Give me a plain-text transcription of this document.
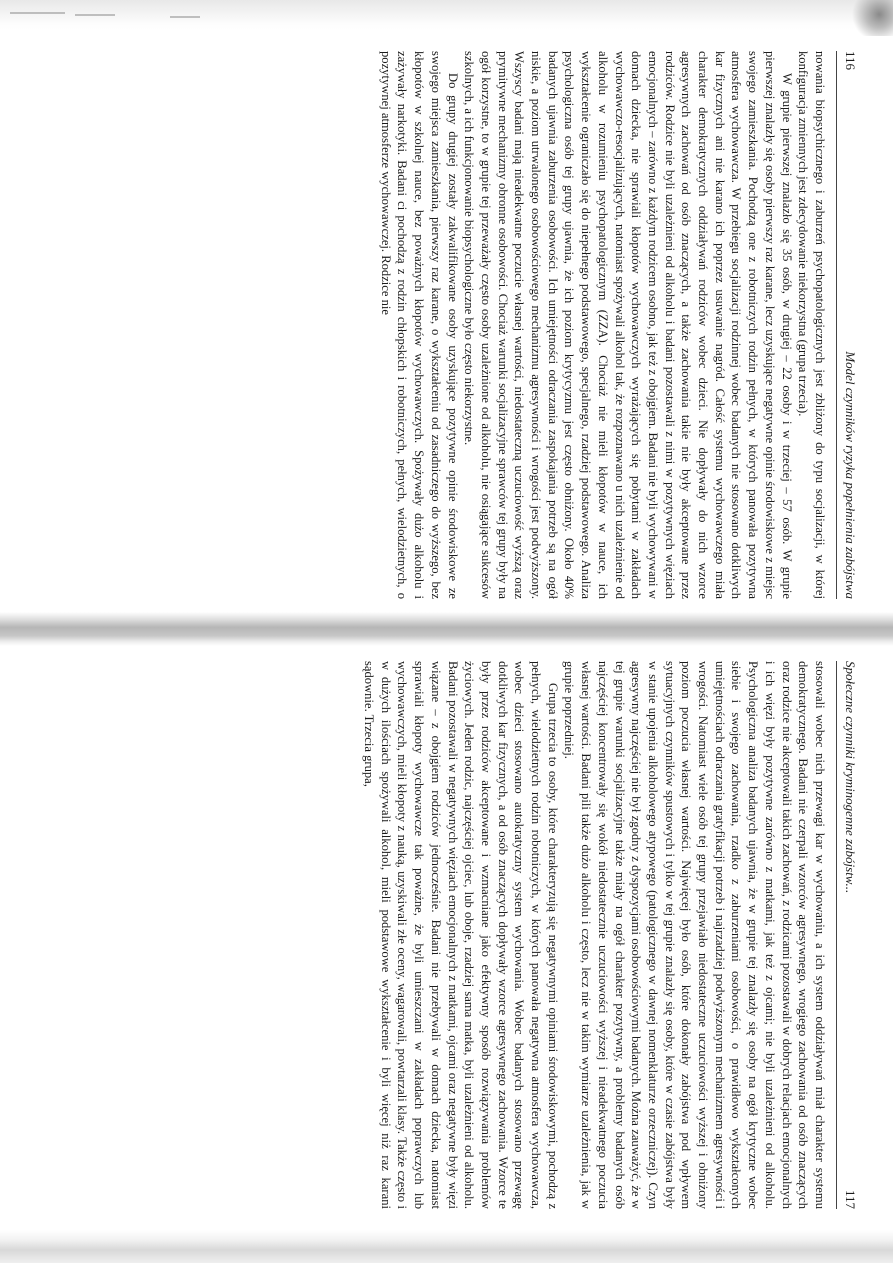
116
Model czynników ryzyka popełnienia zabójstwa

nowania biopsychicznego i zaburzeń psychopatologicznych jest zbliżony do typu socjalizacji, w której konfiguracja zmiennych jest zdecydowanie niekorzystna (grupa trzecia).

W grupie pierwszej znalazło się 35 osób, w drugiej – 22 osoby i w trzeciej – 57 osób. W grupie pierwszej znalazły się osoby pierwszy raz karane, lecz uzyskujące negatywne opinie środowiskowe z miejsc swojego zamieszkania. Pochodzą one z robotniczych rodzin pełnych, w których panowała pozytywna atmosfera wychowawcza. W przebiegu socjalizacji rodzinnej wobec badanych nie stosowano dotkliwych kar fizycznych ani nie karano ich poprzez usuwanie nagród. Całość systemu wychowawczego miała charakter demokratycznych oddziaływań rodziców wobec dzieci. Nie dopływały do nich wzorce agresywnych zachowań od osób znaczących, a także zachowania takie nie były akceptowane przez rodziców. Rodzice nie byli uzależnieni od alkoholu i badani pozostawali z nimi w pozytywnych więziach emocjonalnych – zarówno z każdym rodzicem osobno, jak też z obojgiem. Badani nie byli wychowywani w domach dziecka, nie sprawiali kłopotów wychowawczych wyrażających się pobytami w zakładach wychowawczo-resocjalizujących, natomiast spożywali alkohol tak, że rozpoznawano u nich uzależnienie od alkoholu w rozumieniu psychopatologicznym (ZZA). Chociaż nie mieli kłopotów w nauce, ich wykształcenie ograniczało się do niepełnego podstawowego, specjalnego, rzadziej podstawowego. Analiza psychologiczna osób tej grupy ujawnia, że ich poziom krytycyzmu jest często obniżony. Około 40% badanych ujawnia zaburzenia osobowości. Ich umiejętności odraczania zaspokajania potrzeb są na ogół niskie, a poziom utrwalonego osobowościowego mechanizmu agresywności i wrogości jest podwyższony. Wszyscy badani mają nieadekwatne poczucie własnej wartości, niedostateczną uczuciowość wyższą oraz prymitywne mechanizmy obronne osobowości. Chociaż warunki socjalizacyjne sprawców tej grupy były na ogół korzystne, to w grupie tej przeważały często osoby uzależnione od alkoholu, nie osiągające sukcesów szkolnych, a ich funkcjonowanie biopsychologiczne było często niekorzystne.

Do grupy drugiej zostały zakwalifikowane osoby uzyskujące pozytywne opinie środowiskowe ze swojego miejsca zamieszkania, pierwszy raz karane, o wykształceniu od zasadniczego do wyższego, bez kłopotów w szkolnej nauce, bez poważnych kłopotów wychowawczych. Spożywały dużo alkoholu i zażywały narkotyki. Badani ci pochodzą z rodzin chłopskich i robotniczych, pełnych, wielodzietnych, o pozytywnej atmosferze wychowawczej. Rodzice nie

Społeczne czynniki kryminogenne zabójstw...
117

stosowali wobec nich przewagi kar w wychowaniu, a ich system oddziaływań miał charakter systemu demokratycznego. Badani nie czerpali wzorców agresywnego, wrogiego zachowania od osób znaczących oraz rodzice nie akceptowali takich zachowań, z rodzicami pozostawali w dobrych relacjach emocjonalnych i ich więzi były pozytywne zarówno z matkami, jak też z ojcami; nie byli uzależnieni od alkoholu. Psychologiczna analiza badanych ujawnia, że w grupie tej znalazły się osoby na ogół krytyczne wobec siebie i swojego zachowania, rzadko z zaburzeniami osobowości, o prawidłowo wykształconych umiejętnościach odraczania gratyfikacji potrzeb i najrzadziej podwyższonym mechanizmem agresywności i wrogości. Natomiast wiele osób tej grupy przejawiało niedostateczne uczuciowości wyższej i obniżony poziom poczucia własnej wartości. Najwięcej było osób, które dokonały zabójstwa pod wpływem sytuacyjnych czynników spustowych i tylko w tej grupie znalazły się osoby, które w czasie zabójstwa były w stanie upojenia alkoholowego atypowego (patologicznego w dawnej nomenklaturze orzeczniczej). Czyn agresywny najczęściej nie był zgodny z dyspozycjami osobowościowymi badanych. Można zauważyć, że w tej grupie warunki socjalizacyjne także miały na ogół charakter pozytywny, a problemy badanych osób najczęściej koncentrowały się wokół niedostatecznie uczuciowości wyższej i nieadekwatnego poczucia własnej wartości. Badani pili także dużo alkoholu i często, lecz nie w takim wymiarze uzależnienia, jak w grupie poprzedniej.

Grupa trzecia to osoby, które charakteryzują się negatywnymi opiniami środowiskowymi, pochodzą z pełnych, wielodzietnych rodzin robotniczych, w których panowała negatywna atmosfera wychowawcza, wobec dzieci stosowano autokratyczny system wychowania. Wobec badanych stosowano przewagę dotkliwych kar fizycznych, a od osób znaczących dopływały wzorce agresywnego zachowania. Wzorce te były przez rodziców akceptowane i wzmacniane jako efektywny sposób rozwiązywania problemów życiowych. Jeden rodzic, najczęściej ojciec, lub oboje, rzadziej sama matka, byli uzależnieni od alkoholu. Badani pozostawali w negatywnych więziach emocjonalnych z matkami, ojcami oraz negatywne były więzi wiązane – z obojgiem rodziców jednocześnie. Badani nie przebywali w domach dziecka, natomiast sprawiali kłopoty wychowawcze tak poważne, że byli umieszczani w zakładach poprawczych lub wychowawczych, mieli kłopoty z nauką, uzyskiwali złe oceny, wagarowali, powtarzali klasy. Także często i w dużych ilościach spożywali alkohol, mieli podstawowe wykształcenie i byli więcej niż raz karani sądownie. Trzecia grupa,
